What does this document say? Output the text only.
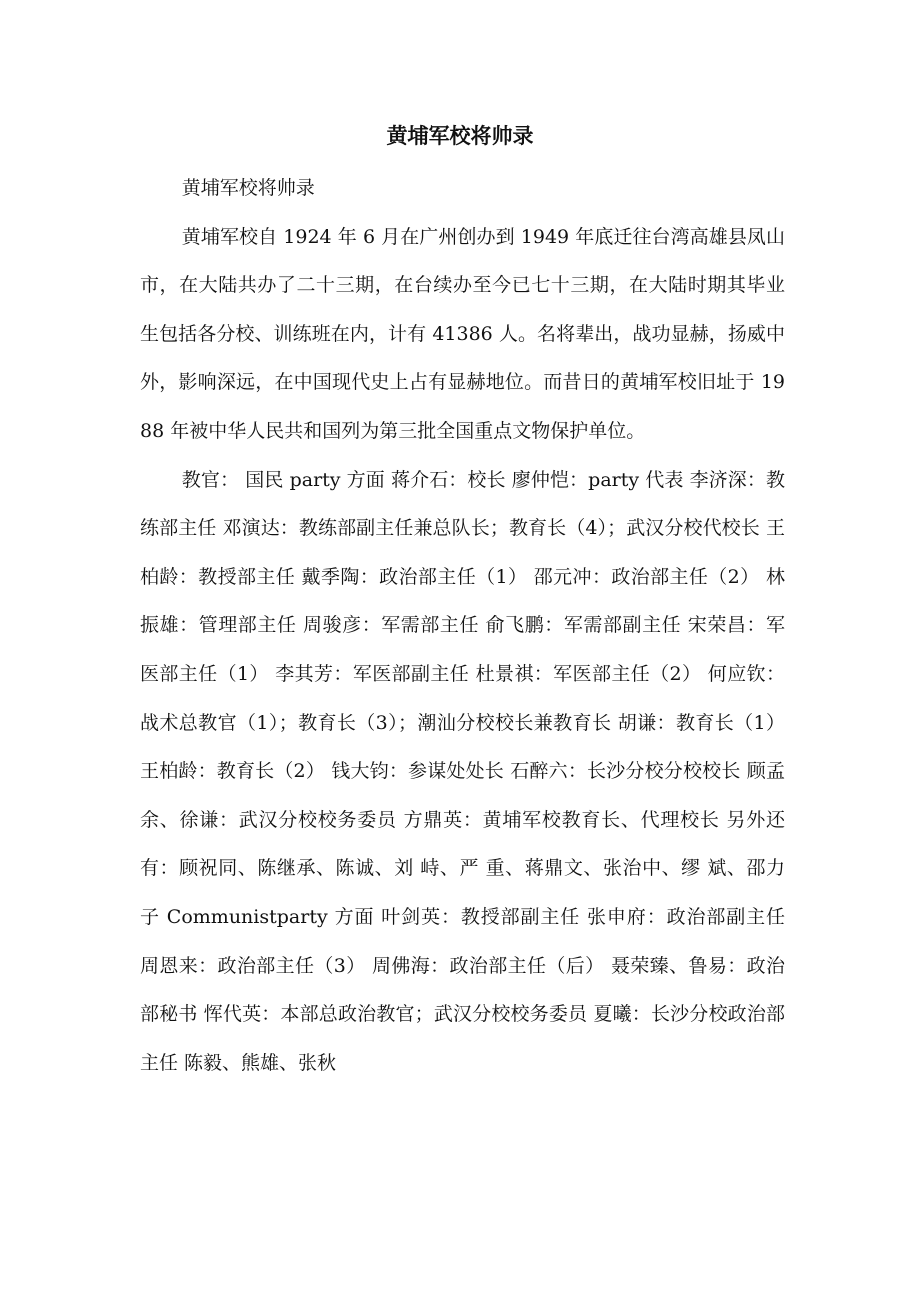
黄埔军校将帅录

黄埔军校将帅录

黄埔军校自 1924 年 6 月在广州创办到 1949 年底迁往台湾高雄县凤山市，在大陆共办了二十三期，在台续办至今已七十三期，在大陆时期其毕业生包括各分校、训练班在内，计有 41386 人。名将辈出，战功显赫，扬威中外，影响深远，在中国现代史上占有显赫地位。而昔日的黄埔军校旧址于 1988 年被中华人民共和国列为第三批全国重点文物保护单位。

教官： 国民 party 方面 蒋介石：校长 廖仲恺：party 代表 李济深：教练部主任 邓演达：教练部副主任兼总队长；教育长（4）；武汉分校代校长 王柏龄：教授部主任 戴季陶：政治部主任（1） 邵元冲：政治部主任（2） 林振雄：管理部主任 周骏彦：军需部主任 俞飞鹏：军需部副主任 宋荣昌：军医部主任（1） 李其芳：军医部副主任 杜景祺：军医部主任（2） 何应钦：战术总教官（1）；教育长（3）；潮汕分校校长兼教育长 胡谦：教育长（1） 王柏龄：教育长（2） 钱大钧：参谋处处长 石醉六：长沙分校分校校长 顾孟余、徐谦：武汉分校校务委员 方鼎英：黄埔军校教育长、代理校长 另外还有：顾祝同、陈继承、陈诚、刘 峙、严 重、蒋鼎文、张治中、缪 斌、邵力子 Communistparty 方面 叶剑英：教授部副主任 张申府：政治部副主任 周恩来：政治部主任（3） 周佛海：政治部主任（后） 聂荣臻、鲁易：政治部秘书 恽代英：本部总政治教官；武汉分校校务委员 夏曦：长沙分校政治部主任 陈毅、熊雄、张秋
